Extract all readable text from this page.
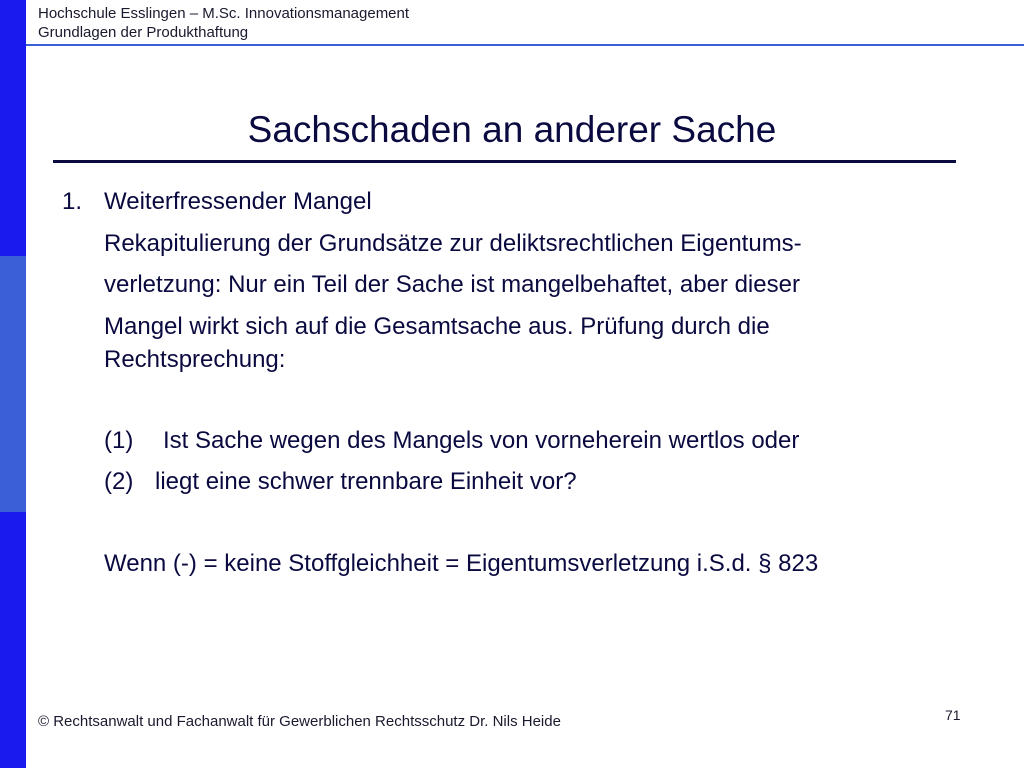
Hochschule Esslingen – M.Sc. Innovationsmanagement
Grundlagen der Produkthaftung
Sachschaden an anderer Sache
1. Weiterfressender Mangel
Rekapitulierung der Grundsätze zur deliktsrechtlichen Eigentums-
verletzung: Nur ein Teil der Sache ist mangelbehaftet, aber dieser
Mangel wirkt sich auf die Gesamtsache aus. Prüfung durch die
Rechtsprechung:
(1) Ist Sache wegen des Mangels von vorneherein wertlos oder
(2) liegt eine schwer trennbare Einheit vor?
Wenn (-) = keine Stoffgleichheit = Eigentumsverletzung i.S.d. § 823
© Rechtsanwalt und Fachanwalt für Gewerblichen Rechtsschutz Dr. Nils Heide	71
